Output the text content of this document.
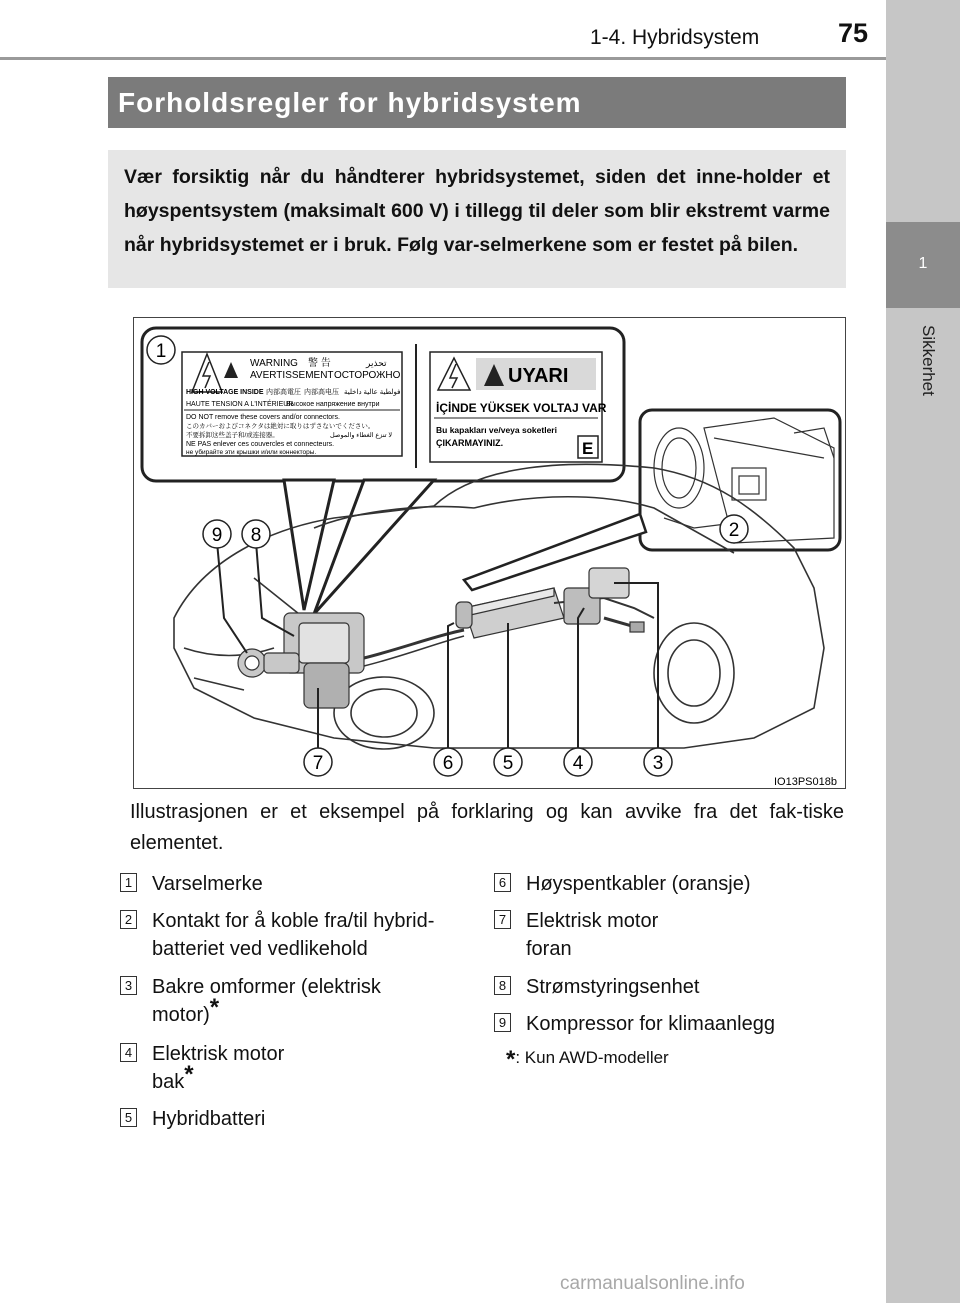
1-4. Hybridsystem	75
1
Sikkerhet
Forholdsregler for hybridsystem

Vær forsiktig når du håndterer hybridsystemet, siden det inne-holder et høyspentsystem (maksimalt 600 V) i tillegg til deler som blir ekstremt varme når hybridsystemet er i bruk. Følg var-selmerkene som er festet på bilen.

WARNING 警 告	تحذير
AVERTISSEMENT ОСТОРОЖНО
HIGH VOLTAGE INSIDE 内部高電圧 内部高电压 فولطية عالية داخلية
HAUTE TENSION A L'INTÉRIEUR
Высокое напряжение внутри
DO NOT remove these covers and/or connectors.
このカバーおよびコネクタは絶対に取りはずさないでください。
不要拆卸这些盖子和/或连接器。	لا تنزع الغطاء والموصل
NE PAS enlever ces couvercles et connecteurs.
не убирайте эти крышки и/или коннекторы.
UYARI
İÇİNDE YÜKSEK VOLTAJ VAR
Bu kapakları ve/veya soketleri
ÇIKARMAYINIZ.	E
1
2
3
4
5
6
7
8
9
IO13PS018b

Illustrasjonen er et eksempel på forklaring og kan avvike fra det fak-tiske elementet.

1 Varselmerke
2 Kontakt for å koble fra/til hybrid-
batteriet ved vedlikehold
3 Bakre omformer (elektrisk
motor)*
4 Elektrisk motor
bak*
5 Hybridbatteri
6 Høyspentkabler (oransje)
7 Elektrisk motor
foran
8 Strømstyringsenhet
9 Kompressor for klimaanlegg
*: Kun AWD-modeller
carmanualsonline.info
